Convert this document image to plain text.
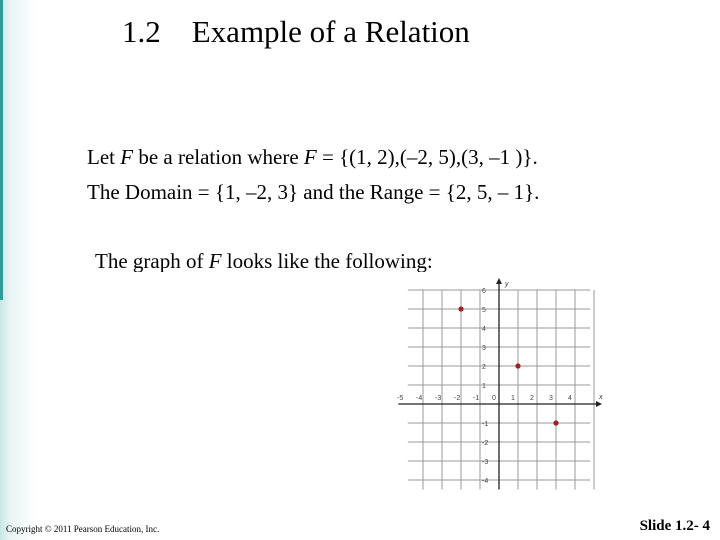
1.2    Example of a Relation
Let F be a relation where F = {(1, 2),(–2, 5),(3, –1 )}.
The Domain = {1, –2, 3} and the Range = {2, 5, – 1}.
The graph of F looks like the following:
x
y
-5 -4 -3 -2 -1 0 1 2 3 4
6
5
4
3
2
1
-1
-2
-3
-4
Copyright © 2011 Pearson Education, Inc.	Slide 1.2- 4
